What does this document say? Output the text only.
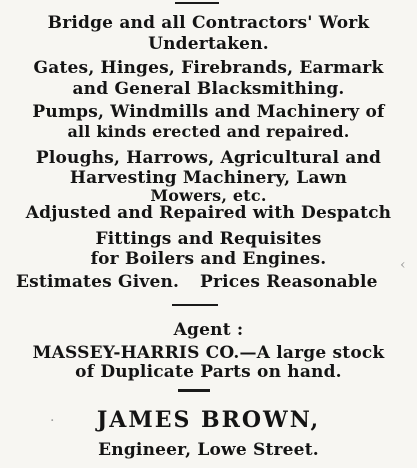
Bridge and all Contractors' Work
Undertaken.
Gates, Hinges, Firebrands, Earmark
and General Blacksmithing.
Pumps, Windmills and Machinery of
all kinds erected and repaired.
Ploughs, Harrows, Agricultural and
Harvesting Machinery, Lawn
Mowers, etc.
Adjusted and Repaired with Despatch
Fittings and Requisites
for Boilers and Engines.
Estimates Given. Prices Reasonable
Agent :
MASSEY-HARRIS CO.—A large stock
of Duplicate Parts on hand.
JAMES BROWN,
Engineer, Lowe Street.
‹
.
